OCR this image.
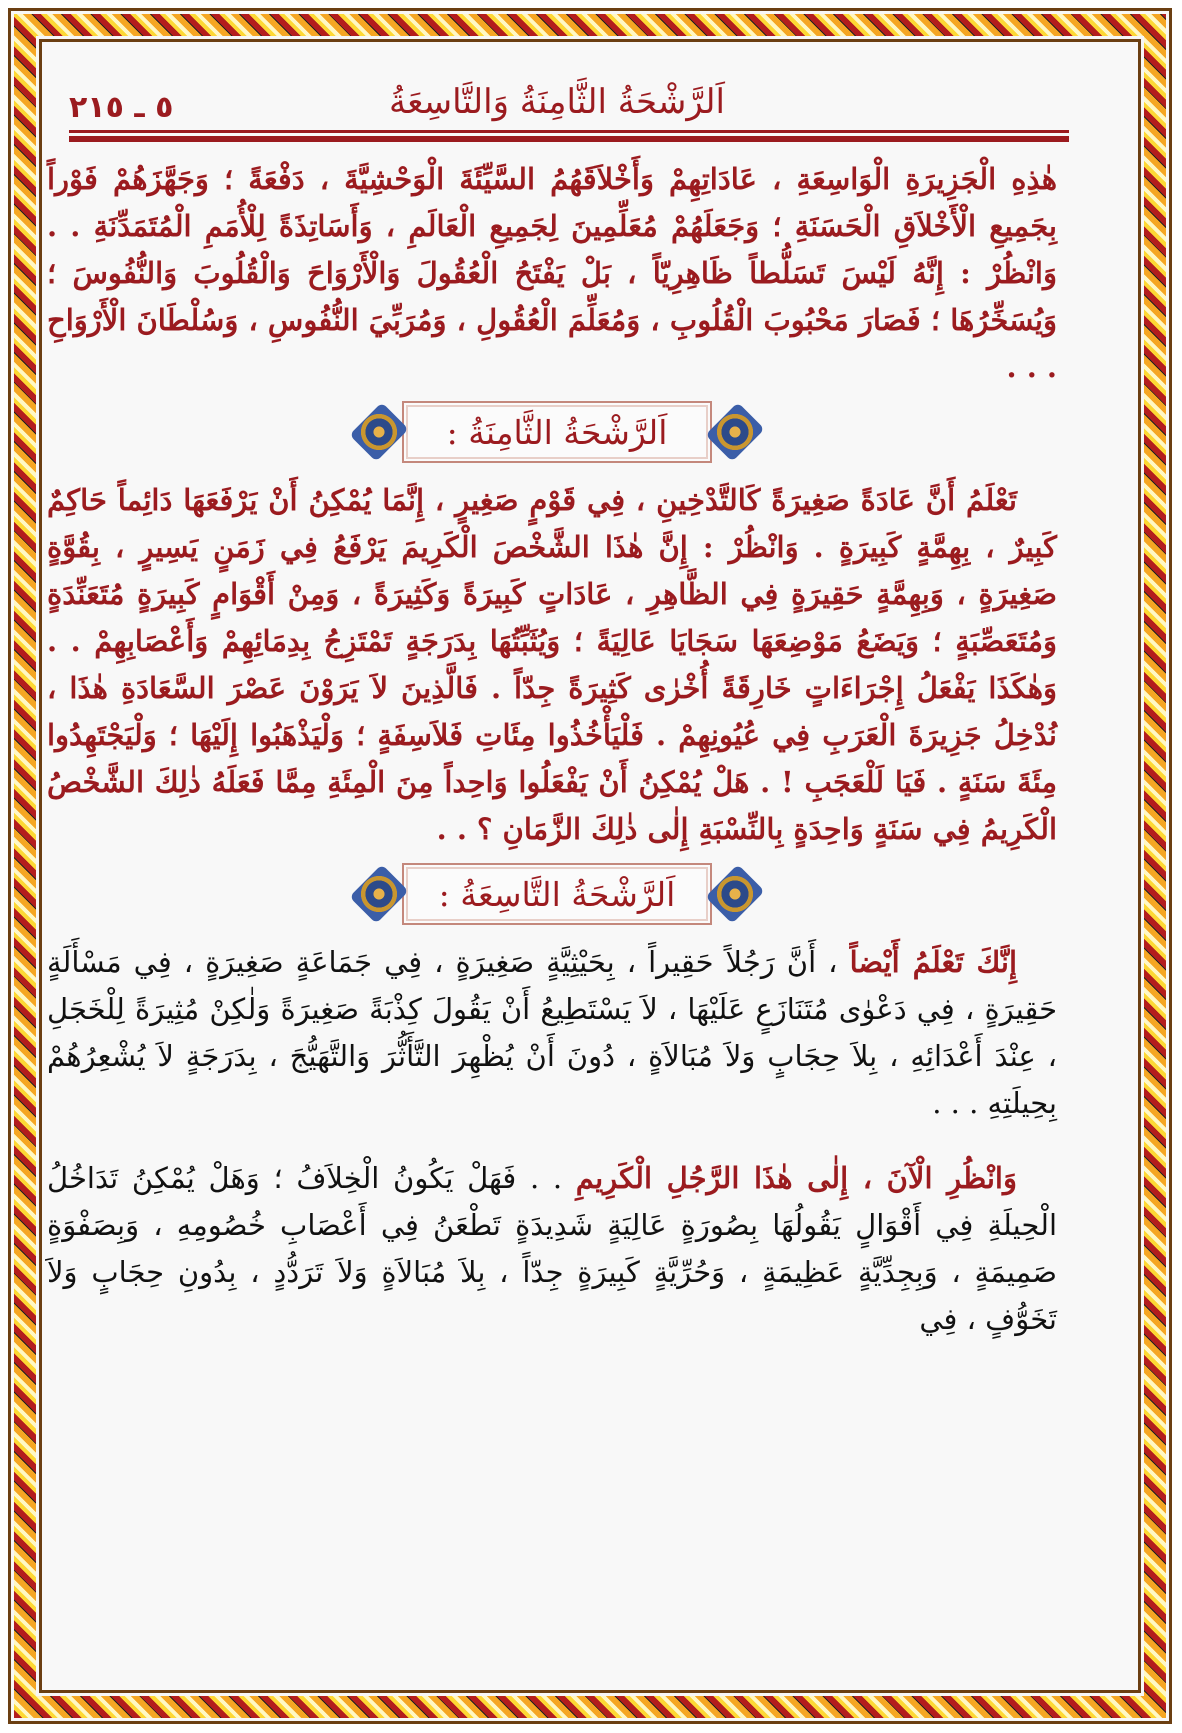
٥ ـ ٢١٥	اَلرَّشْحَةُ الثَّامِنَةُ وَالتَّاسِعَةُ

هٰذِهِ الْجَزِيرَةِ الْوَاسِعَةِ ، عَادَاتِهِمْ وَأَخْلاَقَهُمُ السَّيِّئَةَ الْوَحْشِيَّةَ ، دَفْعَةً ؛ وَجَهَّزَهُمْ فَوْراً بِجَمِيعِ الْأَخْلاَقِ الْحَسَنَةِ ؛ وَجَعَلَهُمْ مُعَلِّمِينَ لِجَمِيعِ الْعَالَمِ ، وَأَسَاتِذَةً لِلْأُمَمِ الْمُتَمَدِّنَةِ . . وَانْظُرْ : إِنَّهُ لَيْسَ تَسَلُّطاً ظَاهِرِيّاً ، بَلْ يَفْتَحُ الْعُقُولَ وَالْأَرْوَاحَ وَالْقُلُوبَ وَالنُّفُوسَ ؛ وَيُسَخِّرُهَا ؛ فَصَارَ مَحْبُوبَ الْقُلُوبِ ، وَمُعَلِّمَ الْعُقُولِ ، وَمُرَبِّيَ النُّفُوسِ ، وَسُلْطَانَ الْأَرْوَاحِ . . .

اَلرَّشْحَةُ الثَّامِنَةُ :

تَعْلَمُ أَنَّ عَادَةً صَغِيرَةً كَالتَّدْخِينِ ، فِي قَوْمٍ صَغِيرٍ ، إِنَّمَا يُمْكِنُ أَنْ يَرْفَعَهَا دَائِماً حَاكِمٌ كَبِيرٌ ، بِهِمَّةٍ كَبِيرَةٍ . وَانْظُرْ : إِنَّ هٰذَا الشَّخْصَ الْكَرِيمَ يَرْفَعُ فِي زَمَنٍ يَسِيرٍ ، بِقُوَّةٍ صَغِيرَةٍ ، وَبِهِمَّةٍ حَقِيرَةٍ فِي الظَّاهِرِ ، عَادَاتٍ كَبِيرَةً وَكَثِيرَةً ، وَمِنْ أَقْوَامٍ كَبِيرَةٍ مُتَعَنِّدَةٍ وَمُتَعَصِّبَةٍ ؛ وَيَضَعُ مَوْضِعَهَا سَجَايَا عَالِيَةً ؛ وَيُثَبِّتُهَا بِدَرَجَةٍ تَمْتَزِجُ بِدِمَائِهِمْ وَأَعْصَابِهِمْ . . وَهٰكَذَا يَفْعَلُ إِجْرَاءَاتٍ خَارِقَةً أُخْرٰى كَثِيرَةً جِدّاً . فَالَّذِينَ لاَ يَرَوْنَ عَصْرَ السَّعَادَةِ هٰذَا ، نُدْخِلُ جَزِيرَةَ الْعَرَبِ فِي عُيُونِهِمْ . فَلْيَأْخُذُوا مِئَاتِ فَلاَسِفَةٍ ؛ وَلْيَذْهَبُوا إِلَيْهَا ؛ وَلْيَجْتَهِدُوا مِئَةَ سَنَةٍ . فَيَا لَلْعَجَبِ ! . هَلْ يُمْكِنُ أَنْ يَفْعَلُوا وَاحِداً مِنَ الْمِئَةِ مِمَّا فَعَلَهُ ذٰلِكَ الشَّخْصُ الْكَرِيمُ فِي سَنَةٍ وَاحِدَةٍ بِالنِّسْبَةِ إِلٰى ذٰلِكَ الزَّمَانِ ؟ . .

اَلرَّشْحَةُ التَّاسِعَةُ :

إِنَّكَ تَعْلَمُ أَيْضاً ، أَنَّ رَجُلاً حَقِيراً ، بِحَيْثِيَّةٍ صَغِيرَةٍ ، فِي جَمَاعَةٍ صَغِيرَةٍ ، فِي مَسْأَلَةٍ حَقِيرَةٍ ، فِي دَعْوٰى مُتَنَازَعٍ عَلَيْهَا ، لاَ يَسْتَطِيعُ أَنْ يَقُولَ كِذْبَةً صَغِيرَةً وَلٰكِنْ مُثِيرَةً لِلْخَجَلِ ، عِنْدَ أَعْدَائِهِ ، بِلاَ حِجَابٍ وَلاَ مُبَالاَةٍ ، دُونَ أَنْ يُظْهِرَ التَّأَثُّرَ وَالتَّهَيُّجَ ، بِدَرَجَةٍ لاَ يُشْعِرُهُمْ بِحِيلَتِهِ . . .

وَانْظُرِ الْآنَ ، إِلٰى هٰذَا الرَّجُلِ الْكَرِيمِ . . فَهَلْ يَكُونُ الْخِلاَفُ ؛ وَهَلْ يُمْكِنُ تَدَاخُلُ الْحِيلَةِ فِي أَقْوَالٍ يَقُولُهَا بِصُورَةٍ عَالِيَةٍ شَدِيدَةٍ تَطْعَنُ فِي أَعْصَابِ خُصُومِهِ ، وَبِصَفْوَةٍ صَمِيمَةٍ ، وَبِجِدِّيَّةٍ عَظِيمَةٍ ، وَحُرِّيَّةٍ كَبِيرَةٍ جِدّاً ، بِلاَ مُبَالاَةٍ وَلاَ تَرَدُّدٍ ، بِدُونِ حِجَابٍ وَلاَ تَخَوُّفٍ ، فِي
